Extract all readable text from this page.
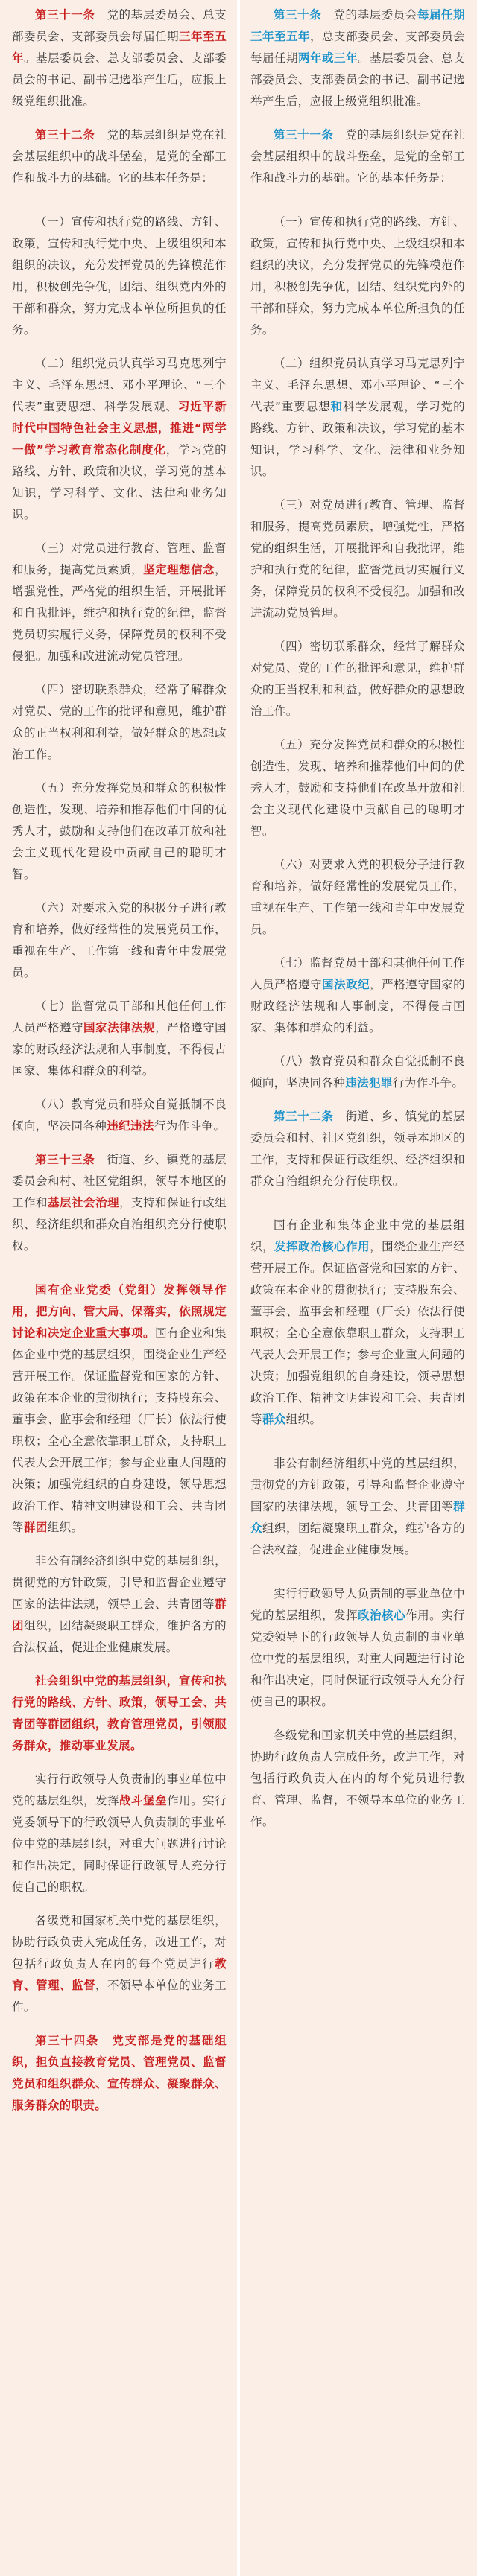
第三十一条　党的基层委员会、总支部委员会、支部委员会每届任期三年至五年。基层委员会、总支部委员会、支部委员会的书记、副书记选举产生后，应报上级党组织批准。

第三十二条　党的基层组织是党在社会基层组织中的战斗堡垒，是党的全部工作和战斗力的基础。它的基本任务是：

（一）宣传和执行党的路线、方针、政策，宣传和执行党中央、上级组织和本组织的决议，充分发挥党员的先锋模范作用，积极创先争优，团结、组织党内外的干部和群众，努力完成本单位所担负的任务。

（二）组织党员认真学习马克思列宁主义、毛泽东思想、邓小平理论、“三个代表”重要思想、科学发展观、习近平新时代中国特色社会主义思想，推进“两学一做”学习教育常态化制度化，学习党的路线、方针、政策和决议，学习党的基本知识，学习科学、文化、法律和业务知识。

（三）对党员进行教育、管理、监督和服务，提高党员素质，坚定理想信念，增强党性，严格党的组织生活，开展批评和自我批评，维护和执行党的纪律，监督党员切实履行义务，保障党员的权利不受侵犯。加强和改进流动党员管理。

（四）密切联系群众，经常了解群众对党员、党的工作的批评和意见，维护群众的正当权利和利益，做好群众的思想政治工作。

（五）充分发挥党员和群众的积极性创造性，发现、培养和推荐他们中间的优秀人才，鼓励和支持他们在改革开放和社会主义现代化建设中贡献自己的聪明才智。

（六）对要求入党的积极分子进行教育和培养，做好经常性的发展党员工作，重视在生产、工作第一线和青年中发展党员。

（七）监督党员干部和其他任何工作人员严格遵守国家法律法规，严格遵守国家的财政经济法规和人事制度，不得侵占国家、集体和群众的利益。

（八）教育党员和群众自觉抵制不良倾向，坚决同各种违纪违法行为作斗争。

第三十三条　街道、乡、镇党的基层委员会和村、社区党组织，领导本地区的工作和基层社会治理，支持和保证行政组织、经济组织和群众自治组织充分行使职权。

国有企业党委（党组）发挥领导作用，把方向、管大局、保落实，依照规定讨论和决定企业重大事项。国有企业和集体企业中党的基层组织，围绕企业生产经营开展工作。保证监督党和国家的方针、政策在本企业的贯彻执行；支持股东会、董事会、监事会和经理（厂长）依法行使职权；全心全意依靠职工群众，支持职工代表大会开展工作；参与企业重大问题的决策；加强党组织的自身建设，领导思想政治工作、精神文明建设和工会、共青团等群团组织。

非公有制经济组织中党的基层组织，贯彻党的方针政策，引导和监督企业遵守国家的法律法规，领导工会、共青团等群团组织，团结凝聚职工群众，维护各方的合法权益，促进企业健康发展。

社会组织中党的基层组织，宣传和执行党的路线、方针、政策，领导工会、共青团等群团组织，教育管理党员，引领服务群众，推动事业发展。

实行行政领导人负责制的事业单位中党的基层组织，发挥战斗堡垒作用。实行党委领导下的行政领导人负责制的事业单位中党的基层组织，对重大问题进行讨论和作出决定，同时保证行政领导人充分行使自己的职权。

各级党和国家机关中党的基层组织，协助行政负责人完成任务，改进工作，对包括行政负责人在内的每个党员进行教育、管理、监督，不领导本单位的业务工作。

第三十四条　党支部是党的基础组织，担负直接教育党员、管理党员、监督党员和组织群众、宣传群众、凝聚群众、服务群众的职责。

第三十条　党的基层委员会每届任期三年至五年，总支部委员会、支部委员会每届任期两年或三年。基层委员会、总支部委员会、支部委员会的书记、副书记选举产生后，应报上级党组织批准。

第三十一条　党的基层组织是党在社会基层组织中的战斗堡垒，是党的全部工作和战斗力的基础。它的基本任务是：

（一）宣传和执行党的路线、方针、政策，宣传和执行党中央、上级组织和本组织的决议，充分发挥党员的先锋模范作用，积极创先争优，团结、组织党内外的干部和群众，努力完成本单位所担负的任务。

（二）组织党员认真学习马克思列宁主义、毛泽东思想、邓小平理论、“三个代表”重要思想和科学发展观，学习党的路线、方针、政策和决议，学习党的基本知识，学习科学、文化、法律和业务知识。

（三）对党员进行教育、管理、监督和服务，提高党员素质，增强党性，严格党的组织生活，开展批评和自我批评，维护和执行党的纪律，监督党员切实履行义务，保障党员的权利不受侵犯。加强和改进流动党员管理。

（四）密切联系群众，经常了解群众对党员、党的工作的批评和意见，维护群众的正当权利和利益，做好群众的思想政治工作。

（五）充分发挥党员和群众的积极性创造性，发现、培养和推荐他们中间的优秀人才，鼓励和支持他们在改革开放和社会主义现代化建设中贡献自己的聪明才智。

（六）对要求入党的积极分子进行教育和培养，做好经常性的发展党员工作，重视在生产、工作第一线和青年中发展党员。

（七）监督党员干部和其他任何工作人员严格遵守国法政纪，严格遵守国家的财政经济法规和人事制度，不得侵占国家、集体和群众的利益。

（八）教育党员和群众自觉抵制不良倾向，坚决同各种违法犯罪行为作斗争。

第三十二条　街道、乡、镇党的基层委员会和村、社区党组织，领导本地区的工作，支持和保证行政组织、经济组织和群众自治组织充分行使职权。

国有企业和集体企业中党的基层组织，发挥政治核心作用，围绕企业生产经营开展工作。保证监督党和国家的方针、政策在本企业的贯彻执行；支持股东会、董事会、监事会和经理（厂长）依法行使职权；全心全意依靠职工群众，支持职工代表大会开展工作；参与企业重大问题的决策；加强党组织的自身建设，领导思想政治工作、精神文明建设和工会、共青团等群众组织。

非公有制经济组织中党的基层组织，贯彻党的方针政策，引导和监督企业遵守国家的法律法规，领导工会、共青团等群众组织，团结凝聚职工群众，维护各方的合法权益，促进企业健康发展。

实行行政领导人负责制的事业单位中党的基层组织，发挥政治核心作用。实行党委领导下的行政领导人负责制的事业单位中党的基层组织，对重大问题进行讨论和作出决定，同时保证行政领导人充分行使自己的职权。

各级党和国家机关中党的基层组织，协助行政负责人完成任务，改进工作，对包括行政负责人在内的每个党员进行教育、管理、监督，不领导本单位的业务工作。
